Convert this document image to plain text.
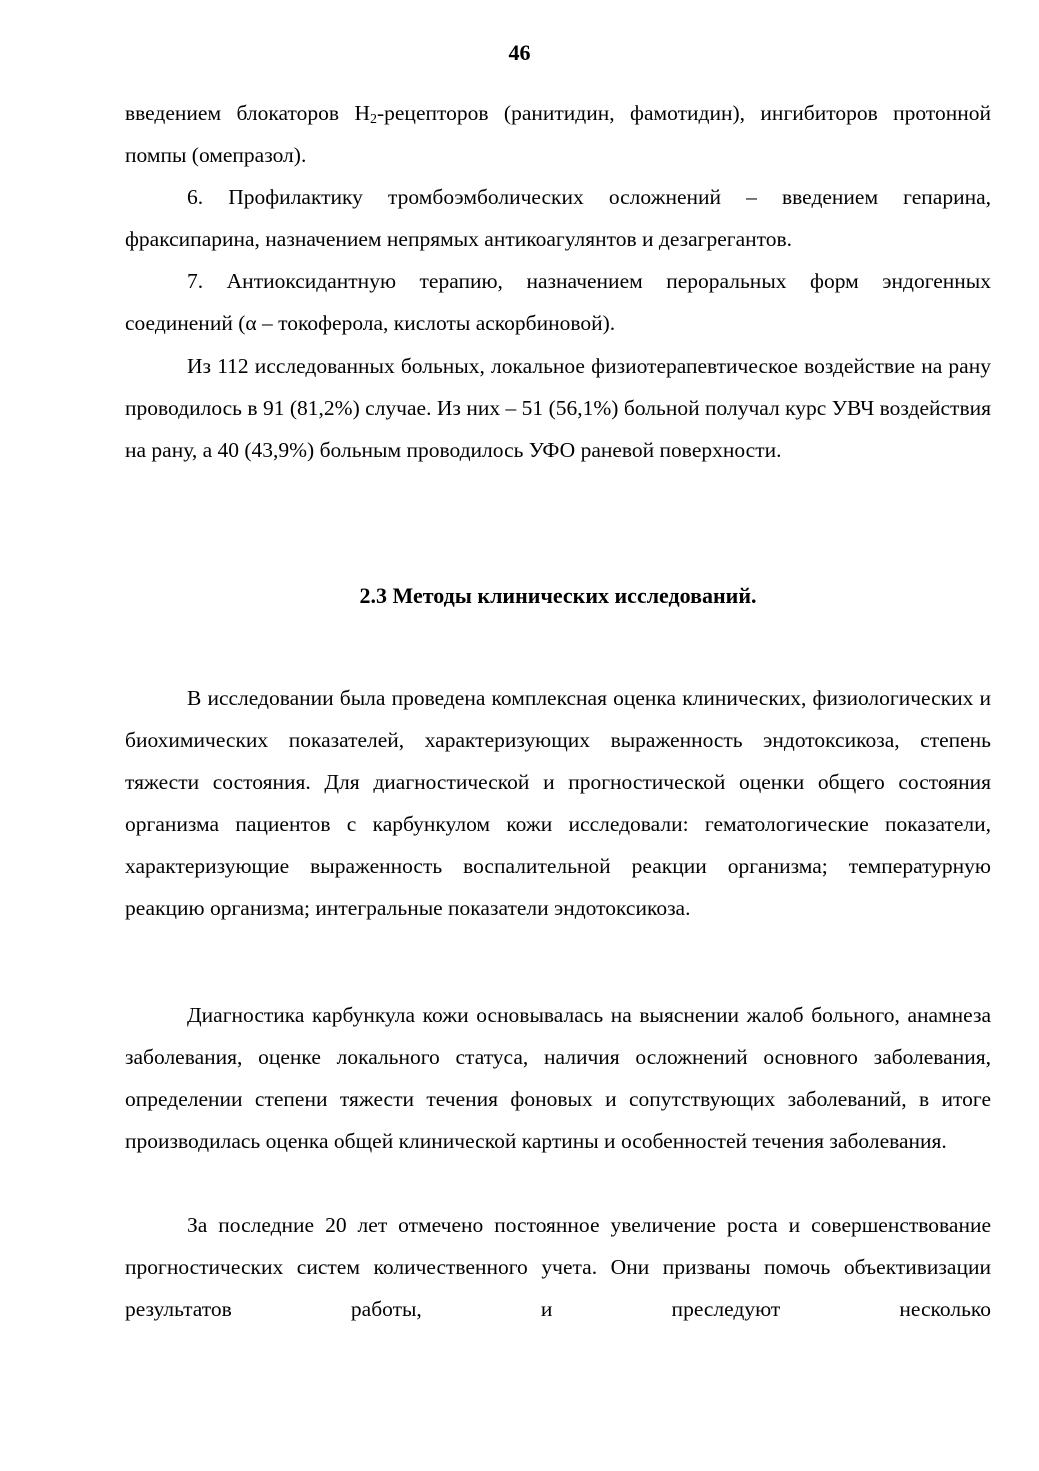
46

введением блокаторов $Н_2$-рецепторов (ранитидин, фамотидин), ингибиторов протонной помпы (омепразол).

6. Профилактику тромбоэмболических осложнений – введением гепарина, фраксипарина, назначением непрямых антикоагулянтов и дезагрегантов.

7. Антиоксидантную терапию, назначением пероральных форм эндогенных соединений (α – токоферола, кислоты аскорбиновой).

Из 112 исследованных больных, локальное физиотерапевтическое воздействие на рану проводилось в 91 (81,2%) случае. Из них – 51 (56,1%) больной получал курс УВЧ воздействия на рану, а 40 (43,9%) больным проводилось УФО раневой поверхности.

2.3 Методы клинических исследований.

В исследовании была проведена комплексная оценка клинических, физиологических и биохимических показателей, характеризующих выраженность эндотоксикоза, степень тяжести состояния. Для диагностической и прогностической оценки общего состояния организма пациентов с карбункулом кожи исследовали: гематологические показатели, характеризующие выраженность воспалительной реакции организма; температурную реакцию организма; интегральные показатели эндотоксикоза.

Диагностика карбункула кожи основывалась на выяснении жалоб больного, анамнеза заболевания, оценке локального статуса, наличия осложнений основного заболевания, определении степени тяжести течения фоновых и сопутствующих заболеваний, в итоге производилась оценка общей клинической картины и особенностей течения заболевания.

За последние 20 лет отмечено постоянное увеличение роста и совершенствование прогностических систем количественного учета. Они призваны помочь объективизации результатов работы, и преследуют несколько
